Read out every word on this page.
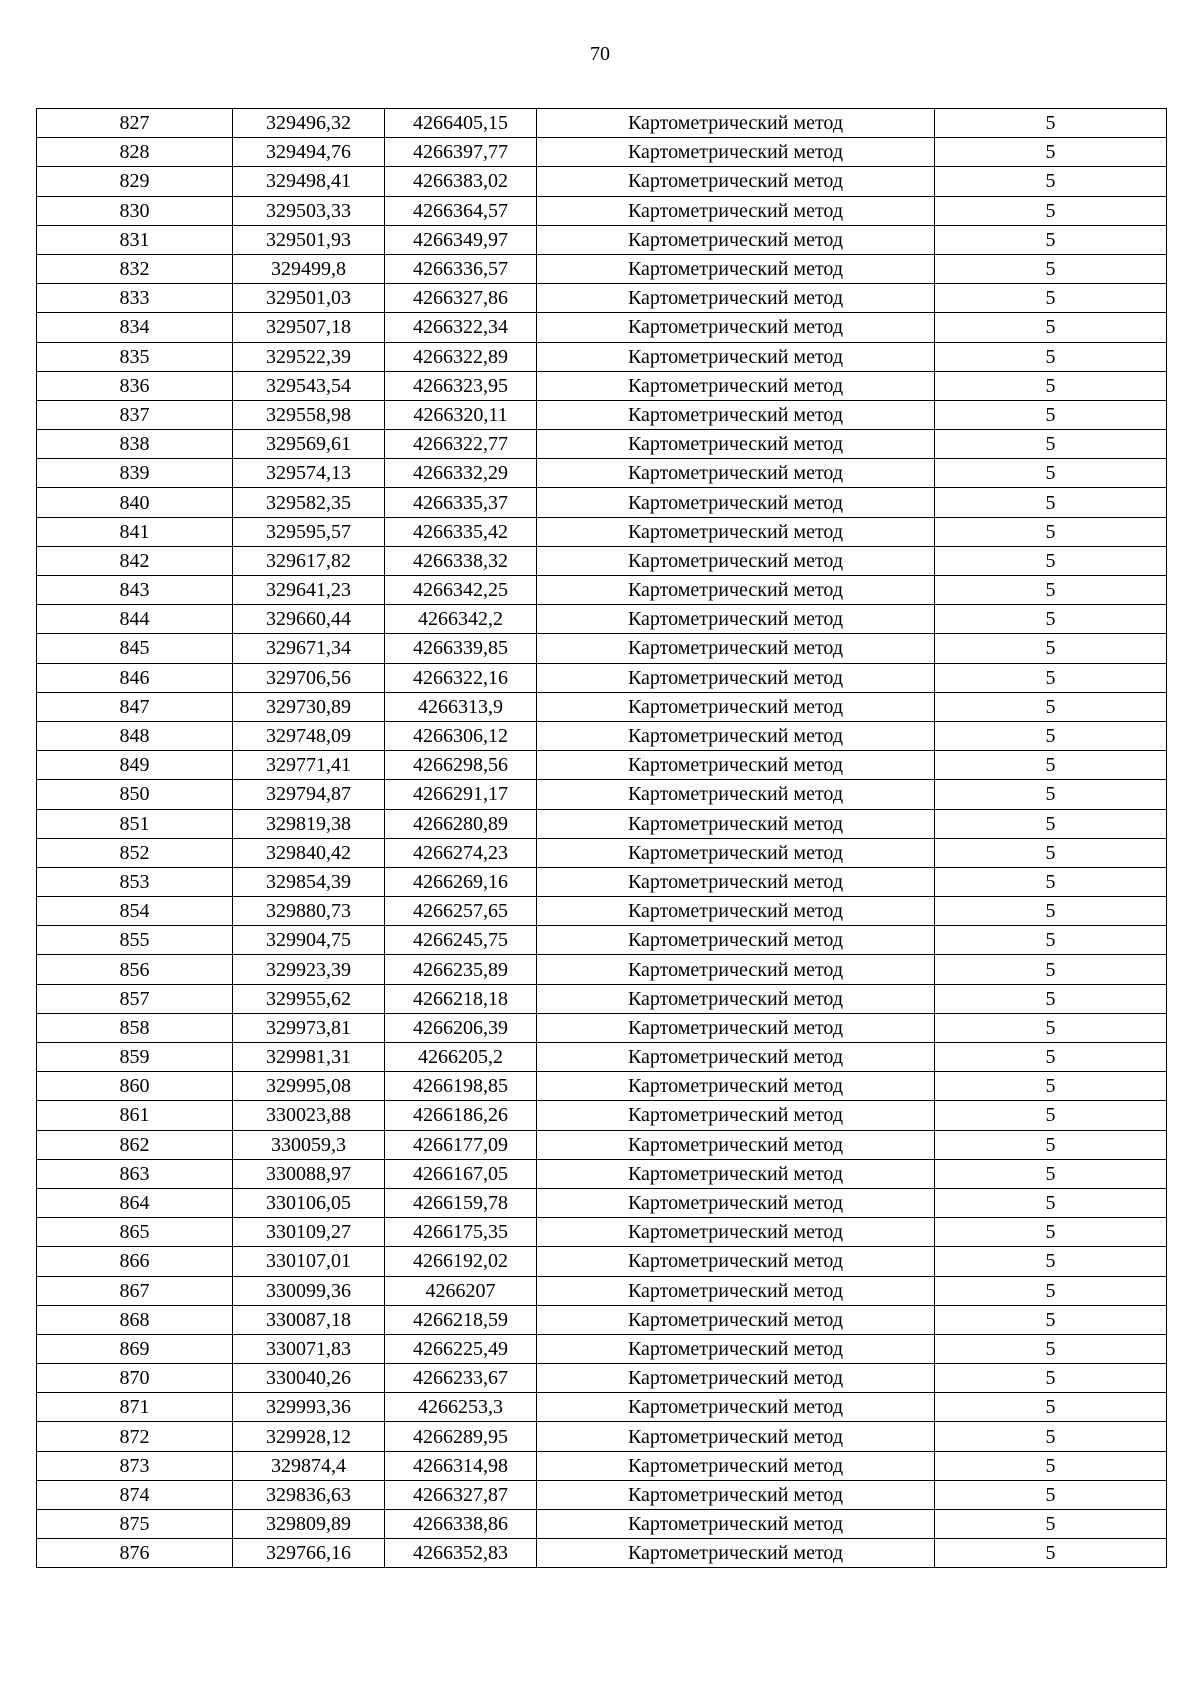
70
827	329496,32	4266405,15	Картометрический метод	5
828	329494,76	4266397,77	Картометрический метод	5
829	329498,41	4266383,02	Картометрический метод	5
830	329503,33	4266364,57	Картометрический метод	5
831	329501,93	4266349,97	Картометрический метод	5
832	329499,8	4266336,57	Картометрический метод	5
833	329501,03	4266327,86	Картометрический метод	5
834	329507,18	4266322,34	Картометрический метод	5
835	329522,39	4266322,89	Картометрический метод	5
836	329543,54	4266323,95	Картометрический метод	5
837	329558,98	4266320,11	Картометрический метод	5
838	329569,61	4266322,77	Картометрический метод	5
839	329574,13	4266332,29	Картометрический метод	5
840	329582,35	4266335,37	Картометрический метод	5
841	329595,57	4266335,42	Картометрический метод	5
842	329617,82	4266338,32	Картометрический метод	5
843	329641,23	4266342,25	Картометрический метод	5
844	329660,44	4266342,2	Картометрический метод	5
845	329671,34	4266339,85	Картометрический метод	5
846	329706,56	4266322,16	Картометрический метод	5
847	329730,89	4266313,9	Картометрический метод	5
848	329748,09	4266306,12	Картометрический метод	5
849	329771,41	4266298,56	Картометрический метод	5
850	329794,87	4266291,17	Картометрический метод	5
851	329819,38	4266280,89	Картометрический метод	5
852	329840,42	4266274,23	Картометрический метод	5
853	329854,39	4266269,16	Картометрический метод	5
854	329880,73	4266257,65	Картометрический метод	5
855	329904,75	4266245,75	Картометрический метод	5
856	329923,39	4266235,89	Картометрический метод	5
857	329955,62	4266218,18	Картометрический метод	5
858	329973,81	4266206,39	Картометрический метод	5
859	329981,31	4266205,2	Картометрический метод	5
860	329995,08	4266198,85	Картометрический метод	5
861	330023,88	4266186,26	Картометрический метод	5
862	330059,3	4266177,09	Картометрический метод	5
863	330088,97	4266167,05	Картометрический метод	5
864	330106,05	4266159,78	Картометрический метод	5
865	330109,27	4266175,35	Картометрический метод	5
866	330107,01	4266192,02	Картометрический метод	5
867	330099,36	4266207	Картометрический метод	5
868	330087,18	4266218,59	Картометрический метод	5
869	330071,83	4266225,49	Картометрический метод	5
870	330040,26	4266233,67	Картометрический метод	5
871	329993,36	4266253,3	Картометрический метод	5
872	329928,12	4266289,95	Картометрический метод	5
873	329874,4	4266314,98	Картометрический метод	5
874	329836,63	4266327,87	Картометрический метод	5
875	329809,89	4266338,86	Картометрический метод	5
876	329766,16	4266352,83	Картометрический метод	5
